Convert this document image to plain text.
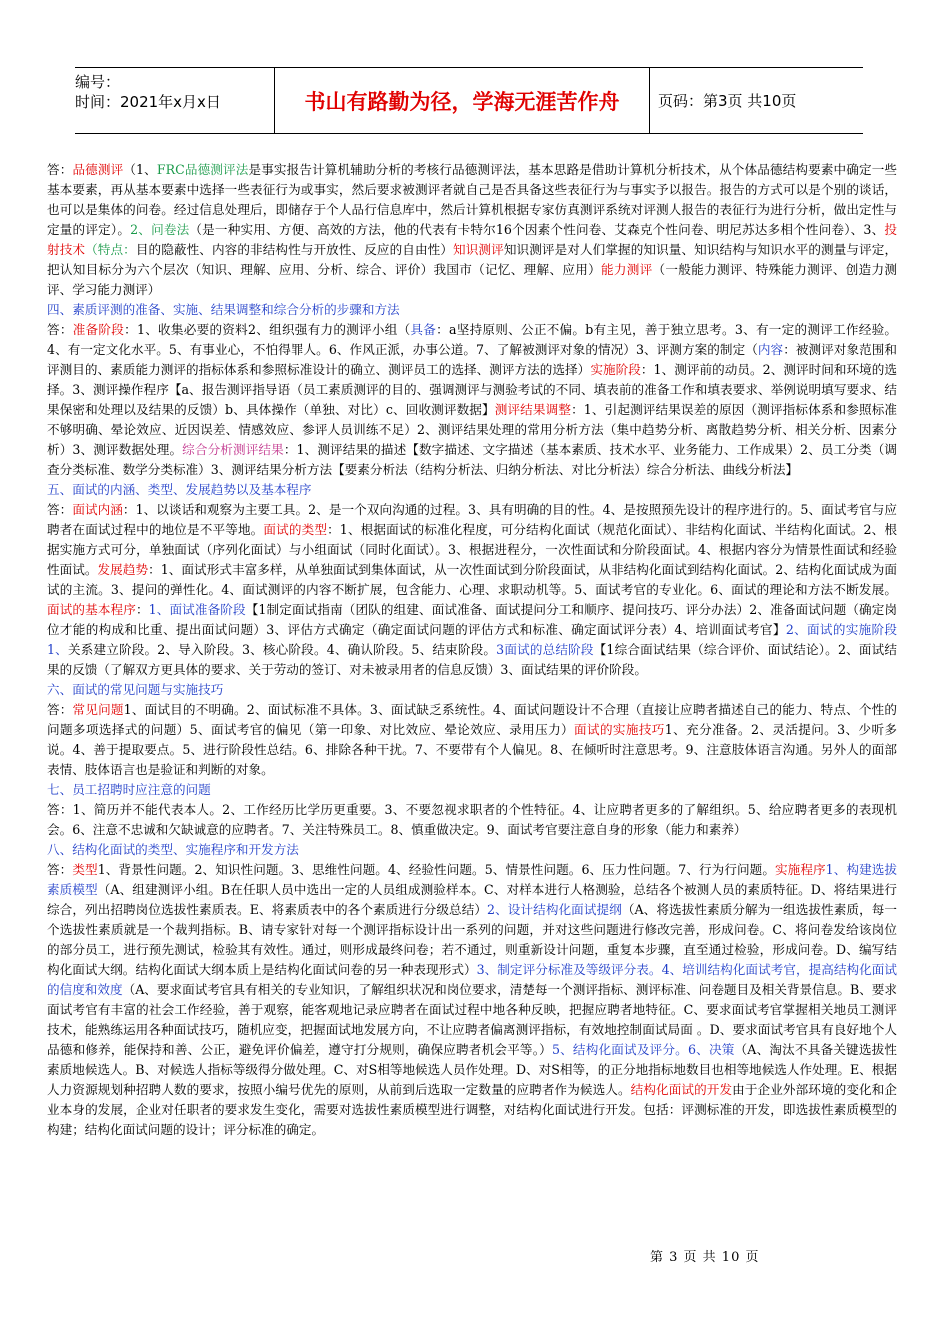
编号：
时间：2021年x月x日	书山有路勤为径，学海无涯苦作舟	页码：第3页 共10页

答：品德测评（1、FRC品德测评法是事实报告计算机辅助分析的考核行品德测评法，基本思路是借助计算机分析技术，从个体品德结构要素中确定一些基本要素，再从基本要素中选择一些表征行为或事实，然后要求被测评者就自己是否具备这些表征行为与事实予以报告。报告的方式可以是个别的谈话，也可以是集体的问卷。经过信息处理后，即储存于个人品行信息库中，然后计算机根据专家仿真测评系统对评测人报告的表征行为进行分析，做出定性与定量的评定）。2、问卷法（是一种实用、方便、高效的方法，他的代表有卡特尔16个因素个性问卷、艾森克个性问卷、明尼苏达多相个性问卷）、3、投射技术（特点：目的隐蔽性、内容的非结构性与开放性、反应的自由性）知识测评知识测评是对人们掌握的知识量、知识结构与知识水平的测量与评定，把认知目标分为六个层次（知识、理解、应用、分析、综合、评价）我国市（记忆、理解、应用）能力测评（一般能力测评、特殊能力测评、创造力测评、学习能力测评）

四、素质评测的准备、实施、结果调整和综合分析的步骤和方法

答：准备阶段：1、收集必要的资料2、组织强有力的测评小组（具备：a坚持原则、公正不偏。b有主见，善于独立思考。3、有一定的测评工作经验。4、有一定文化水平。5、有事业心，不怕得罪人。6、作风正派，办事公道。7、了解被测评对象的情况）3、评测方案的制定（内容：被测评对象范围和评测目的、素质能力测评的指标体系和参照标准设计的确立、测评员工的选择、测评方法的选择）实施阶段：1、测评前的动员。2、测评时间和环境的选择。3、测评操作程序【a、报告测评指导语（员工素质测评的目的、强调测评与测验考试的不同、填表前的准备工作和填表要求、举例说明填写要求、结果保密和处理以及结果的反馈）b、具体操作（单独、对比）c、回收测评数据】测评结果调整：1、引起测评结果误差的原因（测评指标体系和参照标准不够明确、晕论效应、近因误差、情感效应、参评人员训练不足）2、测评结果处理的常用分析方法（集中趋势分析、离散趋势分析、相关分析、因素分析）3、测评数据处理。综合分析测评结果：1、测评结果的描述【数字描述、文字描述（基本素质、技术水平、业务能力、工作成果）2、员工分类（调查分类标准、数学分类标准）3、测评结果分析方法【要素分析法（结构分析法、归纳分析法、对比分析法）综合分析法、曲线分析法】

五、面试的内涵、类型、发展趋势以及基本程序

答：面试内涵：1、以谈话和观察为主要工具。2、是一个双向沟通的过程。3、具有明确的目的性。4、是按照预先设计的程序进行的。5、面试考官与应聘者在面试过程中的地位是不平等地。面试的类型：1、根据面试的标准化程度，可分结构化面试（规范化面试）、非结构化面试、半结构化面试。2、根据实施方式可分，单独面试（序列化面试）与小组面试（同时化面试）。3、根据进程分，一次性面试和分阶段面试。4、根据内容分为情景性面试和经验性面试。发展趋势：1、面试形式丰富多样，从单独面试到集体面试，从一次性面试到分阶段面试，从非结构化面试到结构化面试。2、结构化面试成为面试的主流。3、提问的弹性化。4、面试测评的内容不断扩展，包含能力、心理、求职动机等。5、面试考官的专业化。6、面试的理论和方法不断发展。面试的基本程序：1、面试准备阶段【1制定面试指南（团队的组建、面试准备、面试提问分工和顺序、提问技巧、评分办法）2、准备面试问题（确定岗位才能的构成和比重、提出面试问题）3、评估方式确定（确定面试问题的评估方式和标准、确定面试评分表）4、培训面试考官】2、面试的实施阶段1、关系建立阶段。2、导入阶段。3、核心阶段。4、确认阶段。5、结束阶段。3面试的总结阶段【1综合面试结果（综合评价、面试结论）。2、面试结果的反馈（了解双方更具体的要求、关于劳动的签订、对未被录用者的信息反馈）3、面试结果的评价阶段。

六、面试的常见问题与实施技巧

答：常见问题1、面试目的不明确。2、面试标准不具体。3、面试缺乏系统性。4、面试问题设计不合理（直接让应聘者描述自己的能力、特点、个性的问题多项选择式的问题）5、面试考官的偏见（第一印象、对比效应、晕论效应、录用压力）面试的实施技巧1、充分准备。2、灵活提问。3、少听多说。4、善于提取要点。5、进行阶段性总结。6、排除各种干扰。7、不要带有个人偏见。8、在倾听时注意思考。9、注意肢体语言沟通。另外人的面部表情、肢体语言也是验证和判断的对象。

七、员工招聘时应注意的问题

答：1、简历并不能代表本人。2、工作经历比学历更重要。3、不要忽视求职者的个性特征。4、让应聘者更多的了解组织。5、给应聘者更多的表现机会。6、注意不忠诚和欠缺诚意的应聘者。7、关注特殊员工。8、慎重做决定。9、面试考官要注意自身的形象（能力和素养）

八、结构化面试的类型、实施程序和开发方法

答：类型1、背景性问题。2、知识性问题。3、思维性问题。4、经验性问题。5、情景性问题。6、压力性问题。7、行为行问题。实施程序1、构建选拔素质模型（A、组建测评小组。B在任职人员中选出一定的人员组成测验样本。C、对样本进行人格测验，总结各个被测人员的素质特征。D、将结果进行综合，列出招聘岗位选拔性素质表。E、将素质表中的各个素质进行分级总结）2、设计结构化面试提纲（A、将选拔性素质分解为一组选拔性素质，每一个选拔性素质就是一个裁判指标。B、请专家针对每一个测评指标设计出一系列的问题，并对这些问题进行修改完善，形成问卷。C、将问卷发给该岗位的部分员工，进行预先测试，检验其有效性。通过，则形成最终问卷；若不通过，则重新设计问题，重复本步骤，直至通过检验，形成问卷。D、编写结构化面试大纲。结构化面试大纲本质上是结构化面试问卷的另一种表现形式）3、制定评分标准及等级评分表。4、培训结构化面试考官，提高结构化面试的信度和效度（A、要求面试考官具有相关的专业知识，了解组织状况和岗位要求，清楚每一个测评指标、测评标准、问卷题目及相关背景信息。B、要求面试考官有丰富的社会工作经验，善于观察，能客观地记录应聘者在面试过程中地各种反映，把握应聘者地特征。C、要求面试考官掌握相关地员工测评技术，能熟练运用各种面试技巧，随机应变，把握面试地发展方向，不让应聘者偏离测评指标，有效地控制面试局面 。D、要求面试考官具有良好地个人品德和修养，能保持和善、公正，避免评价偏差，遵守打分规则，确保应聘者机会平等。）5、结构化面试及评分。6、决策（A、淘汰不具备关键选拔性素质地候选人。B、对候选人指标等级得分做处理。C、对S相等地候选人员作处理。D、对S相等，的正分地指标地数目也相等地候选人作处理。E、根据人力资源规划种招聘人数的要求，按照小编号优先的原则，从前到后选取一定数量的应聘者作为候选人。结构化面试的开发由于企业外部环境的变化和企业本身的发展，企业对任职者的要求发生变化，需要对选拔性素质模型进行调整，对结构化面试进行开发。包括：评测标准的开发，即选拔性素质模型的构建；结构化面试问题的设计；评分标准的确定。

第 3 页 共 10 页
